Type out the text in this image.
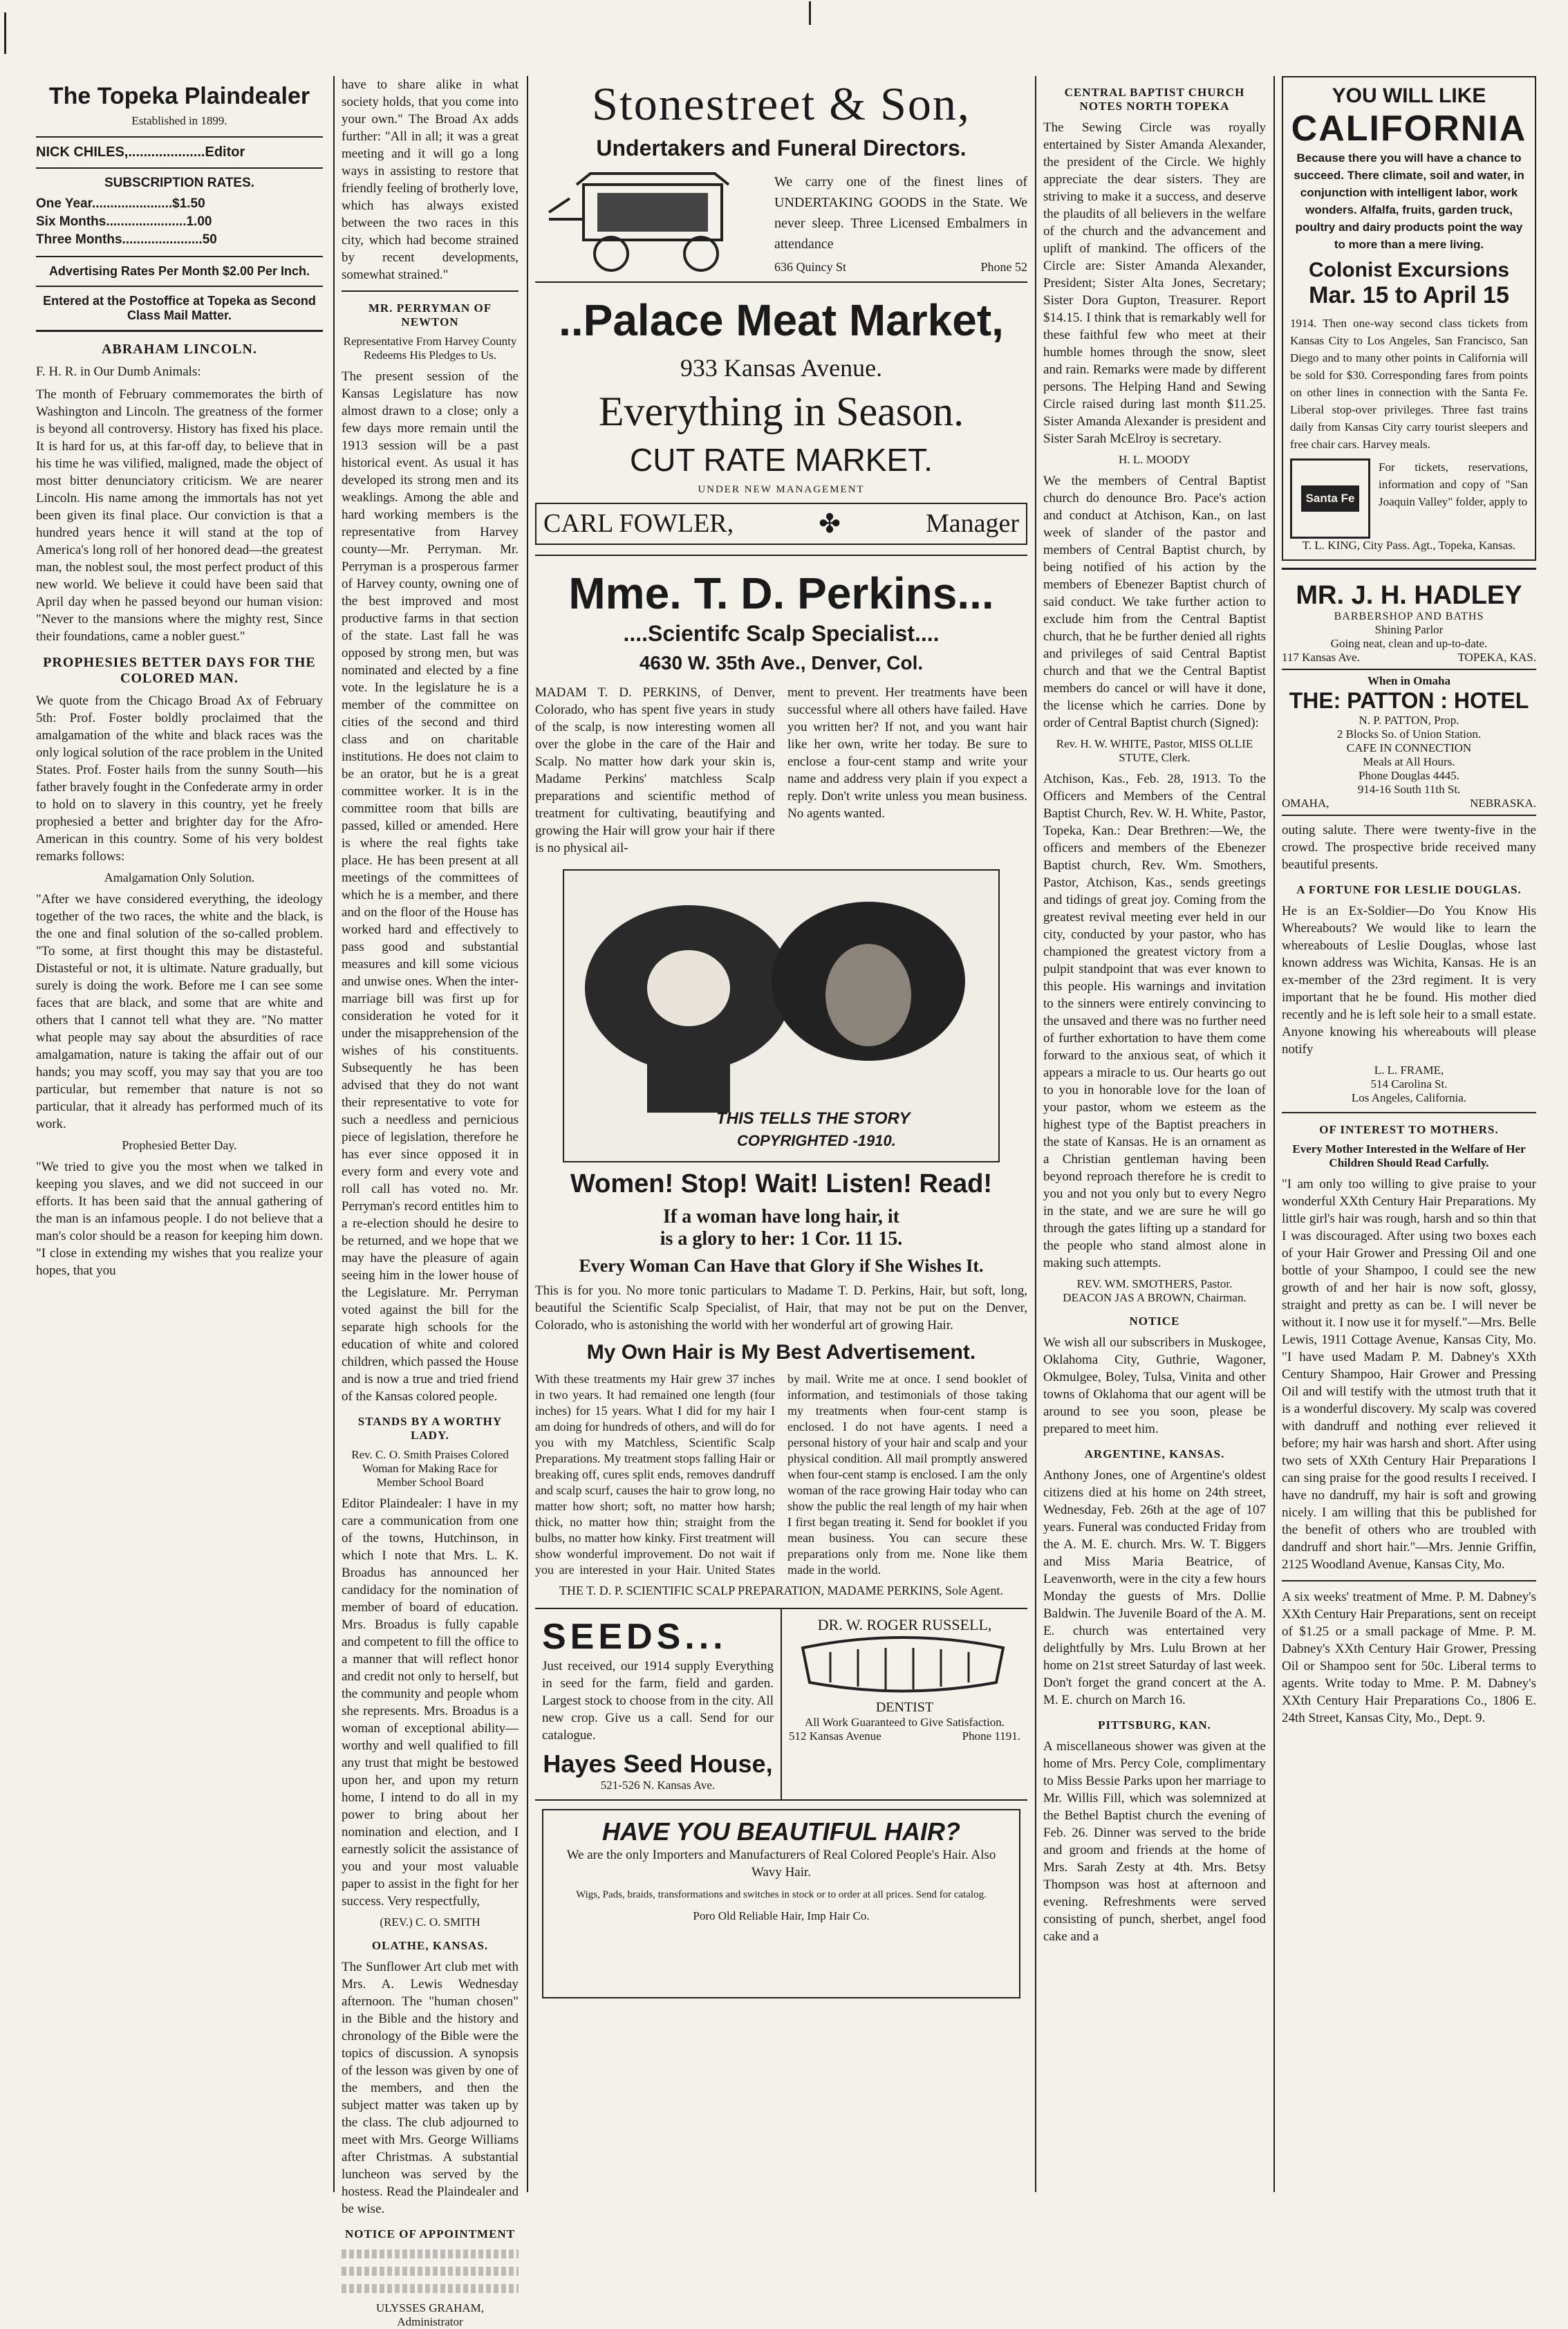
The Topeka Plaindealer
Established in 1899.
NICK CHILES,....................Editor
SUBSCRIPTION RATES.
One Year......................$1.50
Six Months......................1.00
Three Months......................50
Advertising Rates Per Month $2.00 Per Inch.
Entered at the Postoffice at Topeka as Second Class Mail Matter.
ABRAHAM LINCOLN.

F. H. R. in Our Dumb Animals:

The month of February commemorates the birth of Washington and Lincoln. The greatness of the former is beyond all controversy. History has fixed his place. It is hard for us, at this far-off day, to believe that in his time he was vilified, maligned, made the object of most bitter denunciatory criticism. We are nearer Lincoln. His name among the immortals has not yet been given its final place. Our conviction is that a hundred years hence it will stand at the top of America's long roll of her honored dead—the greatest man, the noblest soul, the most perfect product of this new world. We believe it could have been said that April day when he passed beyond our human vision: "Never to the mansions where the mighty rest, Since their foundations, came a nobler guest."

PROPHESIES BETTER DAYS FOR THE COLORED MAN.

We quote from the Chicago Broad Ax of February 5th: Prof. Foster boldly proclaimed that the amalgamation of the white and black races was the only logical solution of the race problem in the United States. Prof. Foster hails from the sunny South—his father bravely fought in the Confederate army in order to hold on to slavery in this country, yet he freely prophesied a better and brighter day for the Afro-American in this country. Some of his very boldest remarks follows:

Amalgamation Only Solution.

"After we have considered everything, the ideology together of the two races, the white and the black, is the one and final solution of the so-called problem. "To some, at first thought this may be distasteful. Distasteful or not, it is ultimate. Nature gradually, but surely is doing the work. Before me I can see some faces that are black, and some that are white and others that I cannot tell what they are. "No matter what people may say about the absurdities of race amalgamation, nature is taking the affair out of our hands; you may scoff, you may say that you are too particular, but remember that nature is not so particular, that it already has performed much of its work.

Prophesied Better Day.

"We tried to give you the most when we talked in keeping you slaves, and we did not succeed in our efforts. It has been said that the annual gathering of the man is an infamous people. I do not believe that a man's color should be a reason for keeping him down. "I close in extending my wishes that you realize your hopes, that you

have to share alike in what society holds, that you come into your own." The Broad Ax adds further: "All in all; it was a great meeting and it will go a long ways in assisting to restore that friendly feeling of brotherly love, which has always existed between the two races in this city, which had become strained by recent developments, somewhat strained."

MR. PERRYMAN OF NEWTON
Representative From Harvey County Redeems His Pledges to Us.

The present session of the Kansas Legislature has now almost drawn to a close; only a few days more remain until the 1913 session will be a past historical event. As usual it has developed its strong men and its weaklings. Among the able and hard working members is the representative from Harvey county—Mr. Perryman. Mr. Perryman is a prosperous farmer of Harvey county, owning one of the best improved and most productive farms in that section of the state. Last fall he was opposed by strong men, but was nominated and elected by a fine vote. In the legislature he is a member of the committee on cities of the second and third class and on charitable institutions. He does not claim to be an orator, but he is a great committee worker. It is in the committee room that bills are passed, killed or amended. Here is where the real fights take place. He has been present at all meetings of the committees of which he is a member, and there and on the floor of the House has worked hard and effectively to pass good and substantial measures and kill some vicious and unwise ones. When the inter-marriage bill was first up for consideration he voted for it under the misapprehension of the wishes of his constituents. Subsequently he has been advised that they do not want their representative to vote for such a needless and pernicious piece of legislation, therefore he has ever since opposed it in every form and every vote and roll call has voted no. Mr. Perryman's record entitles him to a re-election should he desire to be returned, and we hope that we may have the pleasure of again seeing him in the lower house of the Legislature. Mr. Perryman voted against the bill for the separate high schools for the education of white and colored children, which passed the House and is now a true and tried friend of the Kansas colored people.

STANDS BY A WORTHY LADY.
Rev. C. O. Smith Praises Colored Woman for Making Race for Member School Board

Editor Plaindealer: I have in my care a communication from one of the towns, Hutchinson, in which I note that Mrs. L. K. Broadus has announced her candidacy for the nomination of member of board of education. Mrs. Broadus is fully capable and competent to fill the office to a manner that will reflect honor and credit not only to herself, but the community and people whom she represents. Mrs. Broadus is a woman of exceptional ability—worthy and well qualified to fill any trust that might be bestowed upon her, and upon my return home, I intend to do all in my power to bring about her nomination and election, and I earnestly solicit the assistance of you and your most valuable paper to assist in the fight for her success. Very respectfully,

(REV.) C. O. SMITH
OLATHE, KANSAS.

The Sunflower Art club met with Mrs. A. Lewis Wednesday afternoon. The "human chosen" in the Bible and the history and chronology of the Bible were the topics of discussion. A synopsis of the lesson was given by one of the members, and then the subject matter was taken up by the class. The club adjourned to meet with Mrs. George Williams after Christmas. A substantial luncheon was served by the hostess. Read the Plaindealer and be wise.

NOTICE OF APPOINTMENT
ULYSSES GRAHAM,
Administrator
Stonestreet & Son,
Undertakers and Funeral Directors.

We carry one of the finest lines of UNDERTAKING GOODS in the State. We never sleep. Three Licensed Embalmers in attendance

636 Quincy St	Phone 52
..Palace Meat Market,
933 Kansas Avenue.
Everything in Season.
CUT RATE MARKET.
UNDER NEW MANAGEMENT
CARL FOWLER,	✤	Manager
Mme. T. D. Perkins...
....Scientifc Scalp Specialist....
4630 W. 35th Ave., Denver, Col.

MADAM T. D. PERKINS, of Denver, Colorado, who has spent five years in study of the scalp, is now interesting women all over the globe in the care of the Hair and Scalp. No matter how dark your skin is, Madame Perkins' matchless Scalp preparations and scientific method of treatment for cultivating, beautifying and growing the Hair will grow your hair if there is no physical ail-

ment to prevent. Her treatments have been successful where all others have failed. Have you written her? If not, and you want hair like her own, write her today. Be sure to enclose a four-cent stamp and write your name and address very plain if you expect a reply. Don't write unless you mean business. No agents wanted.

THIS TELLS THE STORY
COPYRIGHTED -1910.
Women! Stop! Wait! Listen! Read!
If a woman have long hair, it
is a glory to her: 1 Cor. 11 15.
Every Woman Can Have that Glory if She Wishes It.

This is for you. No more tonic particulars to Madame T. D. Perkins, Hair, but soft, long, beautiful the Scientific Scalp Specialist, of Hair, that may not be put on the Denver, Colorado, who is astonishing the world with her wonderful art of growing Hair.

My Own Hair is My Best Advertisement.

With these treatments my Hair grew 37 inches in two years. It had remained one length (four inches) for 15 years. What I did for my hair I am doing for hundreds of others, and will do for you with my Matchless, Scientific Scalp Preparations. My treatment stops falling Hair or breaking off, cures split ends, removes dandruff and scalp scurf, causes the hair to grow long, no matter how short; soft, no matter how harsh; thick, no matter how thin; straight from the bulbs, no matter how kinky. First treatment will show wonderful improvement. Do not wait if you are interested in your Hair. United States by mail. Write me at once. I send booklet of information, and testimonials of those taking my treatments when four-cent stamp is enclosed. I do not have agents. I need a personal history of your hair and scalp and your physical condition. All mail promptly answered when four-cent stamp is enclosed. I am the only woman of the race growing Hair today who can show the public the real length of my hair when I first began treating it. Send for booklet if you mean business. You can secure these preparations only from me. None like them made in the world.

THE T. D. P. SCIENTIFIC SCALP PREPARATION, MADAME PERKINS, Sole Agent.
SEEDS...

Just received, our 1914 supply Everything in seed for the farm, field and garden. Largest stock to choose from in the city. All new crop. Give us a call. Send for our catalogue.

Hayes Seed House,
521-526 N. Kansas Ave.
DR. W. ROGER RUSSELL,
DENTIST
All Work Guaranteed to Give Satisfaction.
512 Kansas Avenue	Phone 1191.
HAVE YOU BEAUTIFUL HAIR?

We are the only Importers and Manufacturers of Real Colored People's Hair. Also Wavy Hair.

Wigs, Pads, braids, transformations and switches in stock or to order at all prices. Send for catalog.

Poro Old Reliable Hair, Imp Hair Co.
CENTRAL BAPTIST CHURCH NOTES NORTH TOPEKA

The Sewing Circle was royally entertained by Sister Amanda Alexander, the president of the Circle. We highly appreciate the dear sisters. They are striving to make it a success, and deserve the plaudits of all believers in the welfare of the church and the advancement and uplift of mankind. The officers of the Circle are: Sister Amanda Alexander, President; Sister Alta Jones, Secretary; Sister Dora Gupton, Treasurer. Report $14.15. I think that is remarkably well for these faithful few who meet at their humble homes through the snow, sleet and rain. Remarks were made by different persons. The Helping Hand and Sewing Circle raised during last month $11.25. Sister Amanda Alexander is president and Sister Sarah McElroy is secretary.

H. L. MOODY

We the members of Central Baptist church do denounce Bro. Pace's action and conduct at Atchison, Kan., on last week of slander of the pastor and members of Central Baptist church, by being notified of his action by the members of Ebenezer Baptist church of said conduct. We take further action to exclude him from the Central Baptist church, that he be further denied all rights and privileges of said Central Baptist church and that we the Central Baptist members do cancel or will have it done, the license which he carries. Done by order of Central Baptist church (Signed):

Rev. H. W. WHITE, Pastor, MISS OLLIE STUTE, Clerk.

Atchison, Kas., Feb. 28, 1913. To the Officers and Members of the Central Baptist Church, Rev. W. H. White, Pastor, Topeka, Kan.: Dear Brethren:—We, the officers and members of the Ebenezer Baptist church, Rev. Wm. Smothers, Pastor, Atchison, Kas., sends greetings and tidings of great joy. Coming from the greatest revival meeting ever held in our city, conducted by your pastor, who has championed the greatest victory from a pulpit standpoint that was ever known to this people. His warnings and invitation to the sinners were entirely convincing to the unsaved and there was no further need of further exhortation to have them come forward to the anxious seat, of which it appears a miracle to us. Our hearts go out to you in honorable love for the loan of your pastor, whom we esteem as the highest type of the Baptist preachers in the state of Kansas. He is an ornament as a Christian gentleman having been beyond reproach therefore he is credit to you and not you only but to every Negro in the state, and we are sure he will go through the gates lifting up a standard for the people who stand almost alone in making such attempts.

REV. WM. SMOTHERS, Pastor.
DEACON JAS A BROWN, Chairman.
NOTICE

We wish all our subscribers in Muskogee, Oklahoma City, Guthrie, Wagoner, Okmulgee, Boley, Tulsa, Vinita and other towns of Oklahoma that our agent will be around to see you soon, please be prepared to meet him.

ARGENTINE, KANSAS.

Anthony Jones, one of Argentine's oldest citizens died at his home on 24th street, Wednesday, Feb. 26th at the age of 107 years. Funeral was conducted Friday from the A. M. E. church. Mrs. W. T. Biggers and Miss Maria Beatrice, of Leavenworth, were in the city a few hours Monday the guests of Mrs. Dollie Baldwin. The Juvenile Board of the A. M. E. church was entertained very delightfully by Mrs. Lulu Brown at her home on 21st street Saturday of last week. Don't forget the grand concert at the A. M. E. church on March 16.

PITTSBURG, KAN.

A miscellaneous shower was given at the home of Mrs. Percy Cole, complimentary to Miss Bessie Parks upon her marriage to Mr. Willis Fill, which was solemnized at the Bethel Baptist church the evening of Feb. 26. Dinner was served to the bride and groom and friends at the home of Mrs. Sarah Zesty at 4th. Mrs. Betsy Thompson was host at afternoon and evening. Refreshments were served consisting of punch, sherbet, angel food cake and a

YOU WILL LIKE
CALIFORNIA

Because there you will have a chance to succeed. There climate, soil and water, in conjunction with intelligent labor, work wonders. Alfalfa, fruits, garden truck, poultry and dairy products point the way to more than a mere living.

Colonist Excursions
Mar. 15 to April 15

1914. Then one-way second class tickets from Kansas City to Los Angeles, San Francisco, San Diego and to many other points in California will be sold for $30. Corresponding fares from points on other lines in connection with the Santa Fe. Liberal stop-over privileges. Three fast trains daily from Kansas City carry tourist sleepers and free chair cars. Harvey meals.

Santa Fe

For tickets, reservations, information and copy of "San Joaquin Valley" folder, apply to

T. L. KING, City Pass. Agt., Topeka, Kansas.
MR. J. H. HADLEY
BARBERSHOP AND BATHS
Shining Parlor
Going neat, clean and up-to-date.
117 Kansas Ave.	TOPEKA, KAS.
When in Omaha
THE: PATTON : HOTEL
N. P. PATTON, Prop.
2 Blocks So. of Union Station.
CAFE IN CONNECTION
Meals at All Hours.
Phone Douglas 4445.
914-16 South 11th St.
OMAHA,	NEBRASKA.

outing salute. There were twenty-five in the crowd. The prospective bride received many beautiful presents.

A FORTUNE FOR LESLIE DOUGLAS.

He is an Ex-Soldier—Do You Know His Whereabouts? We would like to learn the whereabouts of Leslie Douglas, whose last known address was Wichita, Kansas. He is an ex-member of the 23rd regiment. It is very important that he be found. His mother died recently and he is left sole heir to a small estate. Anyone knowing his whereabouts will please notify

L. L. FRAME,
514 Carolina St.
Los Angeles, California.
OF INTEREST TO MOTHERS.
Every Mother Interested in the Welfare of Her Children Should Read Carfully.

"I am only too willing to give praise to your wonderful XXth Century Hair Preparations. My little girl's hair was rough, harsh and so thin that I was discouraged. After using two boxes each of your Hair Grower and Pressing Oil and one bottle of your Shampoo, I could see the new growth of and her hair is now soft, glossy, straight and pretty as can be. I will never be without it. I now use it for myself."—Mrs. Belle Lewis, 1911 Cottage Avenue, Kansas City, Mo. "I have used Madam P. M. Dabney's XXth Century Shampoo, Hair Grower and Pressing Oil and will testify with the utmost truth that it is a wonderful discovery. My scalp was covered with dandruff and nothing ever relieved it before; my hair was harsh and short. After using two sets of XXth Century Hair Preparations I can sing praise for the good results I received. I have no dandruff, my hair is soft and growing nicely. I am willing that this be published for the benefit of others who are troubled with dandruff and short hair."—Mrs. Jennie Griffin, 2125 Woodland Avenue, Kansas City, Mo.

A six weeks' treatment of Mme. P. M. Dabney's XXth Century Hair Preparations, sent on receipt of $1.25 or a small package of Mme. P. M. Dabney's XXth Century Hair Grower, Pressing Oil or Shampoo sent for 50c. Liberal terms to agents. Write today to Mme. P. M. Dabney's XXth Century Hair Preparations Co., 1806 E. 24th Street, Kansas City, Mo., Dept. 9.
